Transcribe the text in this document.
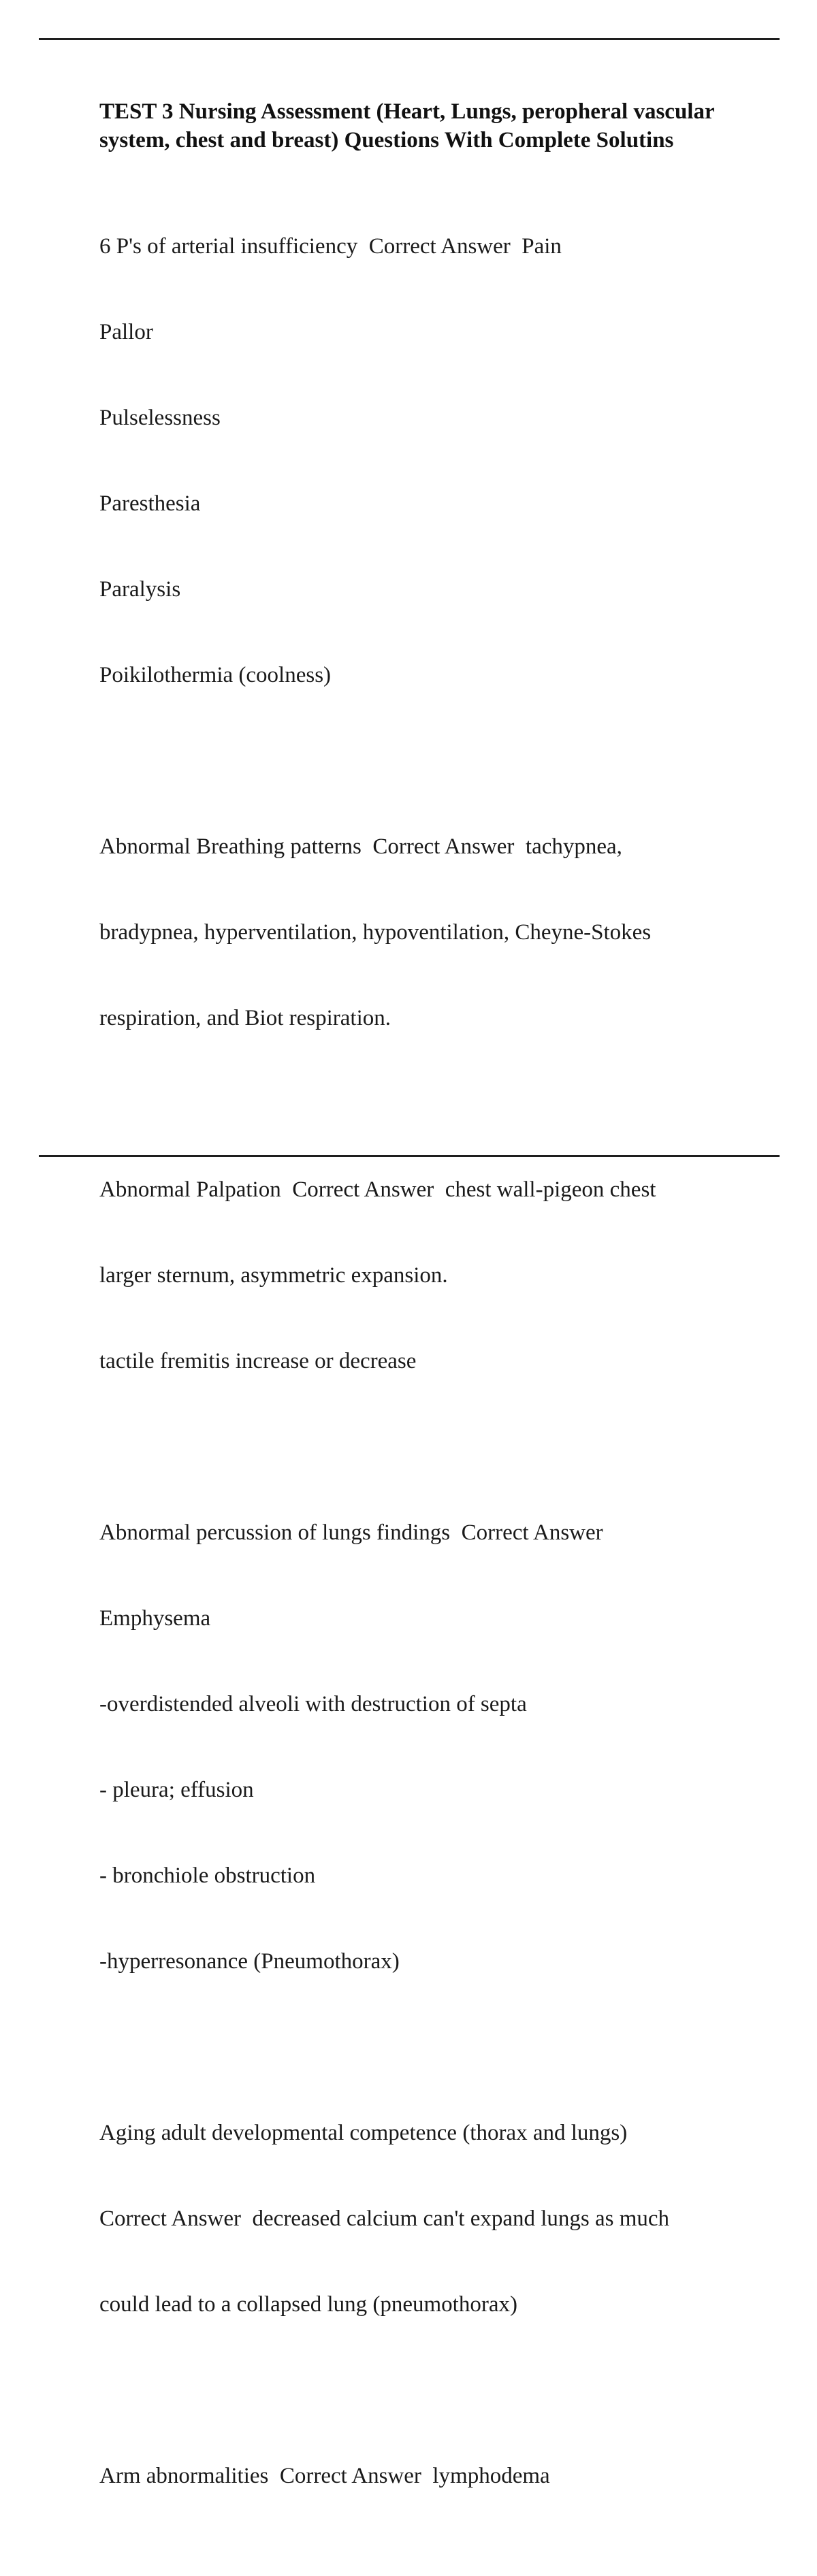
TEST 3 Nursing Assessment (Heart, Lungs, peropheral vascular system, chest and breast) Questions With Complete Solutins

6 P's of arterial insufficiency  Correct Answer  Pain

Pallor

Pulselessness

Paresthesia

Paralysis

Poikilothermia (coolness)

Abnormal Breathing patterns  Correct Answer  tachypnea,

bradypnea, hyperventilation, hypoventilation, Cheyne-Stokes

respiration, and Biot respiration.

Abnormal Palpation  Correct Answer  chest wall-pigeon chest

larger sternum, asymmetric expansion.

tactile fremitis increase or decrease

Abnormal percussion of lungs findings  Correct Answer

Emphysema

-overdistended alveoli with destruction of septa

- pleura; effusion

- bronchiole obstruction

-hyperresonance (Pneumothorax)

Aging adult developmental competence (thorax and lungs)

Correct Answer  decreased calcium can't expand lungs as much

could lead to a collapsed lung (pneumothorax)

Arm abnormalities  Correct Answer  lymphodema
